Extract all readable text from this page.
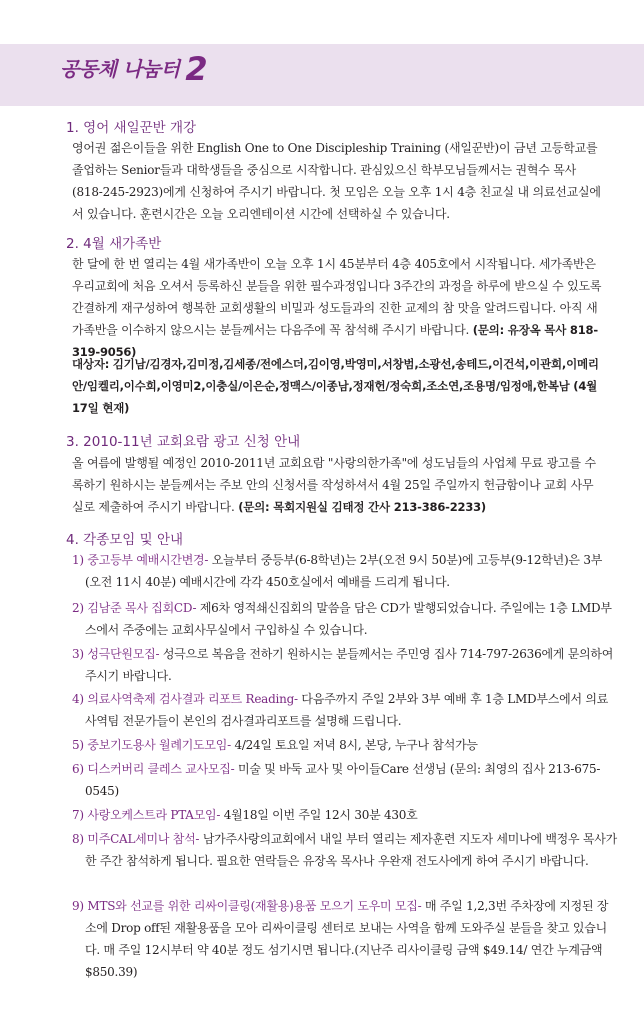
공동체 나눔터 2
1. 영어 새일꾼반 개강
영어권 젊은이들을 위한 English One to One Discipleship Training (새일꾼반)이 금년 고등학교를 졸업하는 Senior들과 대학생들을 중심으로 시작합니다. 관심있으신 학부모님들께서는 권혁수 목사(818-245-2923)에게 신청하여 주시기 바랍니다. 첫 모임은 오늘 오후 1시 4층 친교실 내 의료선교실에서 있습니다. 훈련시간은 오늘 오리엔테이션 시간에 선택하실 수 있습니다.
2. 4월 새가족반
한 달에 한 번 열리는 4월 새가족반이 오늘 오후 1시 45분부터 4층 405호에서 시작됩니다. 세가족반은 우리교회에 처음 오셔서 등록하신 분들을 위한 필수과정입니다 3주간의 과정을 하루에 받으실 수 있도록 간결하게 재구성하여 행복한 교회생활의 비밀과 성도들과의 진한 교제의 참 맛을 알려드립니다. 아직 새가족반을 이수하지 않으시는 분들께서는 다음주에 꼭 참석해 주시기 바랍니다. (문의: 유장옥 목사 818-319-9056)
대상자: 김기남/김경자,김미정,김세종/전에스더,김이영,박영미,서창범,소광선,송테드,이건석,이관희,이메리안/임켈리,이수희,이영미2,이충실/이은순,정맥스/이종남,정재헌/정숙희,조소연,조용명/임정애,한복남 (4월17일 현재)
3. 2010-11년 교회요람 광고 신청 안내
올 여름에 발행될 예정인 2010-2011년 교회요람 "사랑의한가족"에 성도님들의 사업체 무료 광고를 수록하기 원하시는 분들께서는 주보 안의 신청서를 작성하셔서 4월 25일 주일까지 헌금함이나 교회 사무실로 제출하여 주시기 바랍니다. (문의: 목회지원실 김태정 간사 213-386-2233)
4. 각종모임 및 안내
1) 중고등부 예배시간변경- 오늘부터 중등부(6-8학년)는 2부(오전 9시 50분)에 고등부(9-12학년)은 3부(오전 11시 40분) 예배시간에 각각 450호실에서 예배를 드리게 됩니다.
2) 김남준 목사 집회CD- 제6차 영적쇄신집회의 말씀을 담은 CD가 발행되었습니다. 주일에는 1층 LMD부스에서 주중에는 교회사무실에서 구입하실 수 있습니다.
3) 성극단원모집- 성극으로 복음을 전하기 원하시는 분들께서는 주민영 집사 714-797-2636에게 문의하여 주시기 바랍니다.
4) 의료사역축제 검사결과 리포트 Reading- 다음주까지 주일 2부와 3부 예배 후 1층 LMD부스에서 의료사역팀 전문가들이 본인의 검사결과리포트를 설명해 드립니다.
5) 중보기도용사 월례기도모임- 4/24일 토요일 저녁 8시, 본당, 누구나 참석가능
6) 디스커버리 클레스 교사모집- 미술 및 바둑 교사 및 아이들Care 선생님 (문의: 최영의 집사 213-675-0545)
7) 사랑오케스트라 PTA모임- 4월18일 이번 주일 12시 30분 430호
8) 미주CAL세미나 참석- 남가주사랑의교회에서 내일 부터 열리는 제자훈련 지도자 세미나에 백정우 목사가 한 주간 참석하게 됩니다. 필요한 연락들은 유장옥 목사나 우완재 전도사에게 하여 주시기 바랍니다.
9) MTS와 선교를 위한 리싸이클링(재활용)용품 모으기 도우미 모집- 매 주일 1,2,3번 주차장에 지정된 장소에 Drop off된 재활용품을 모아 리싸이클링 센터로 보내는 사역을 함께 도와주실 분들을 찾고 있습니다. 매 주일 12시부터 약 40분 정도 섬기시면 됩니다.(지난주 리사이클링 금액 $49.14/ 연간 누계금액 $850.39)
